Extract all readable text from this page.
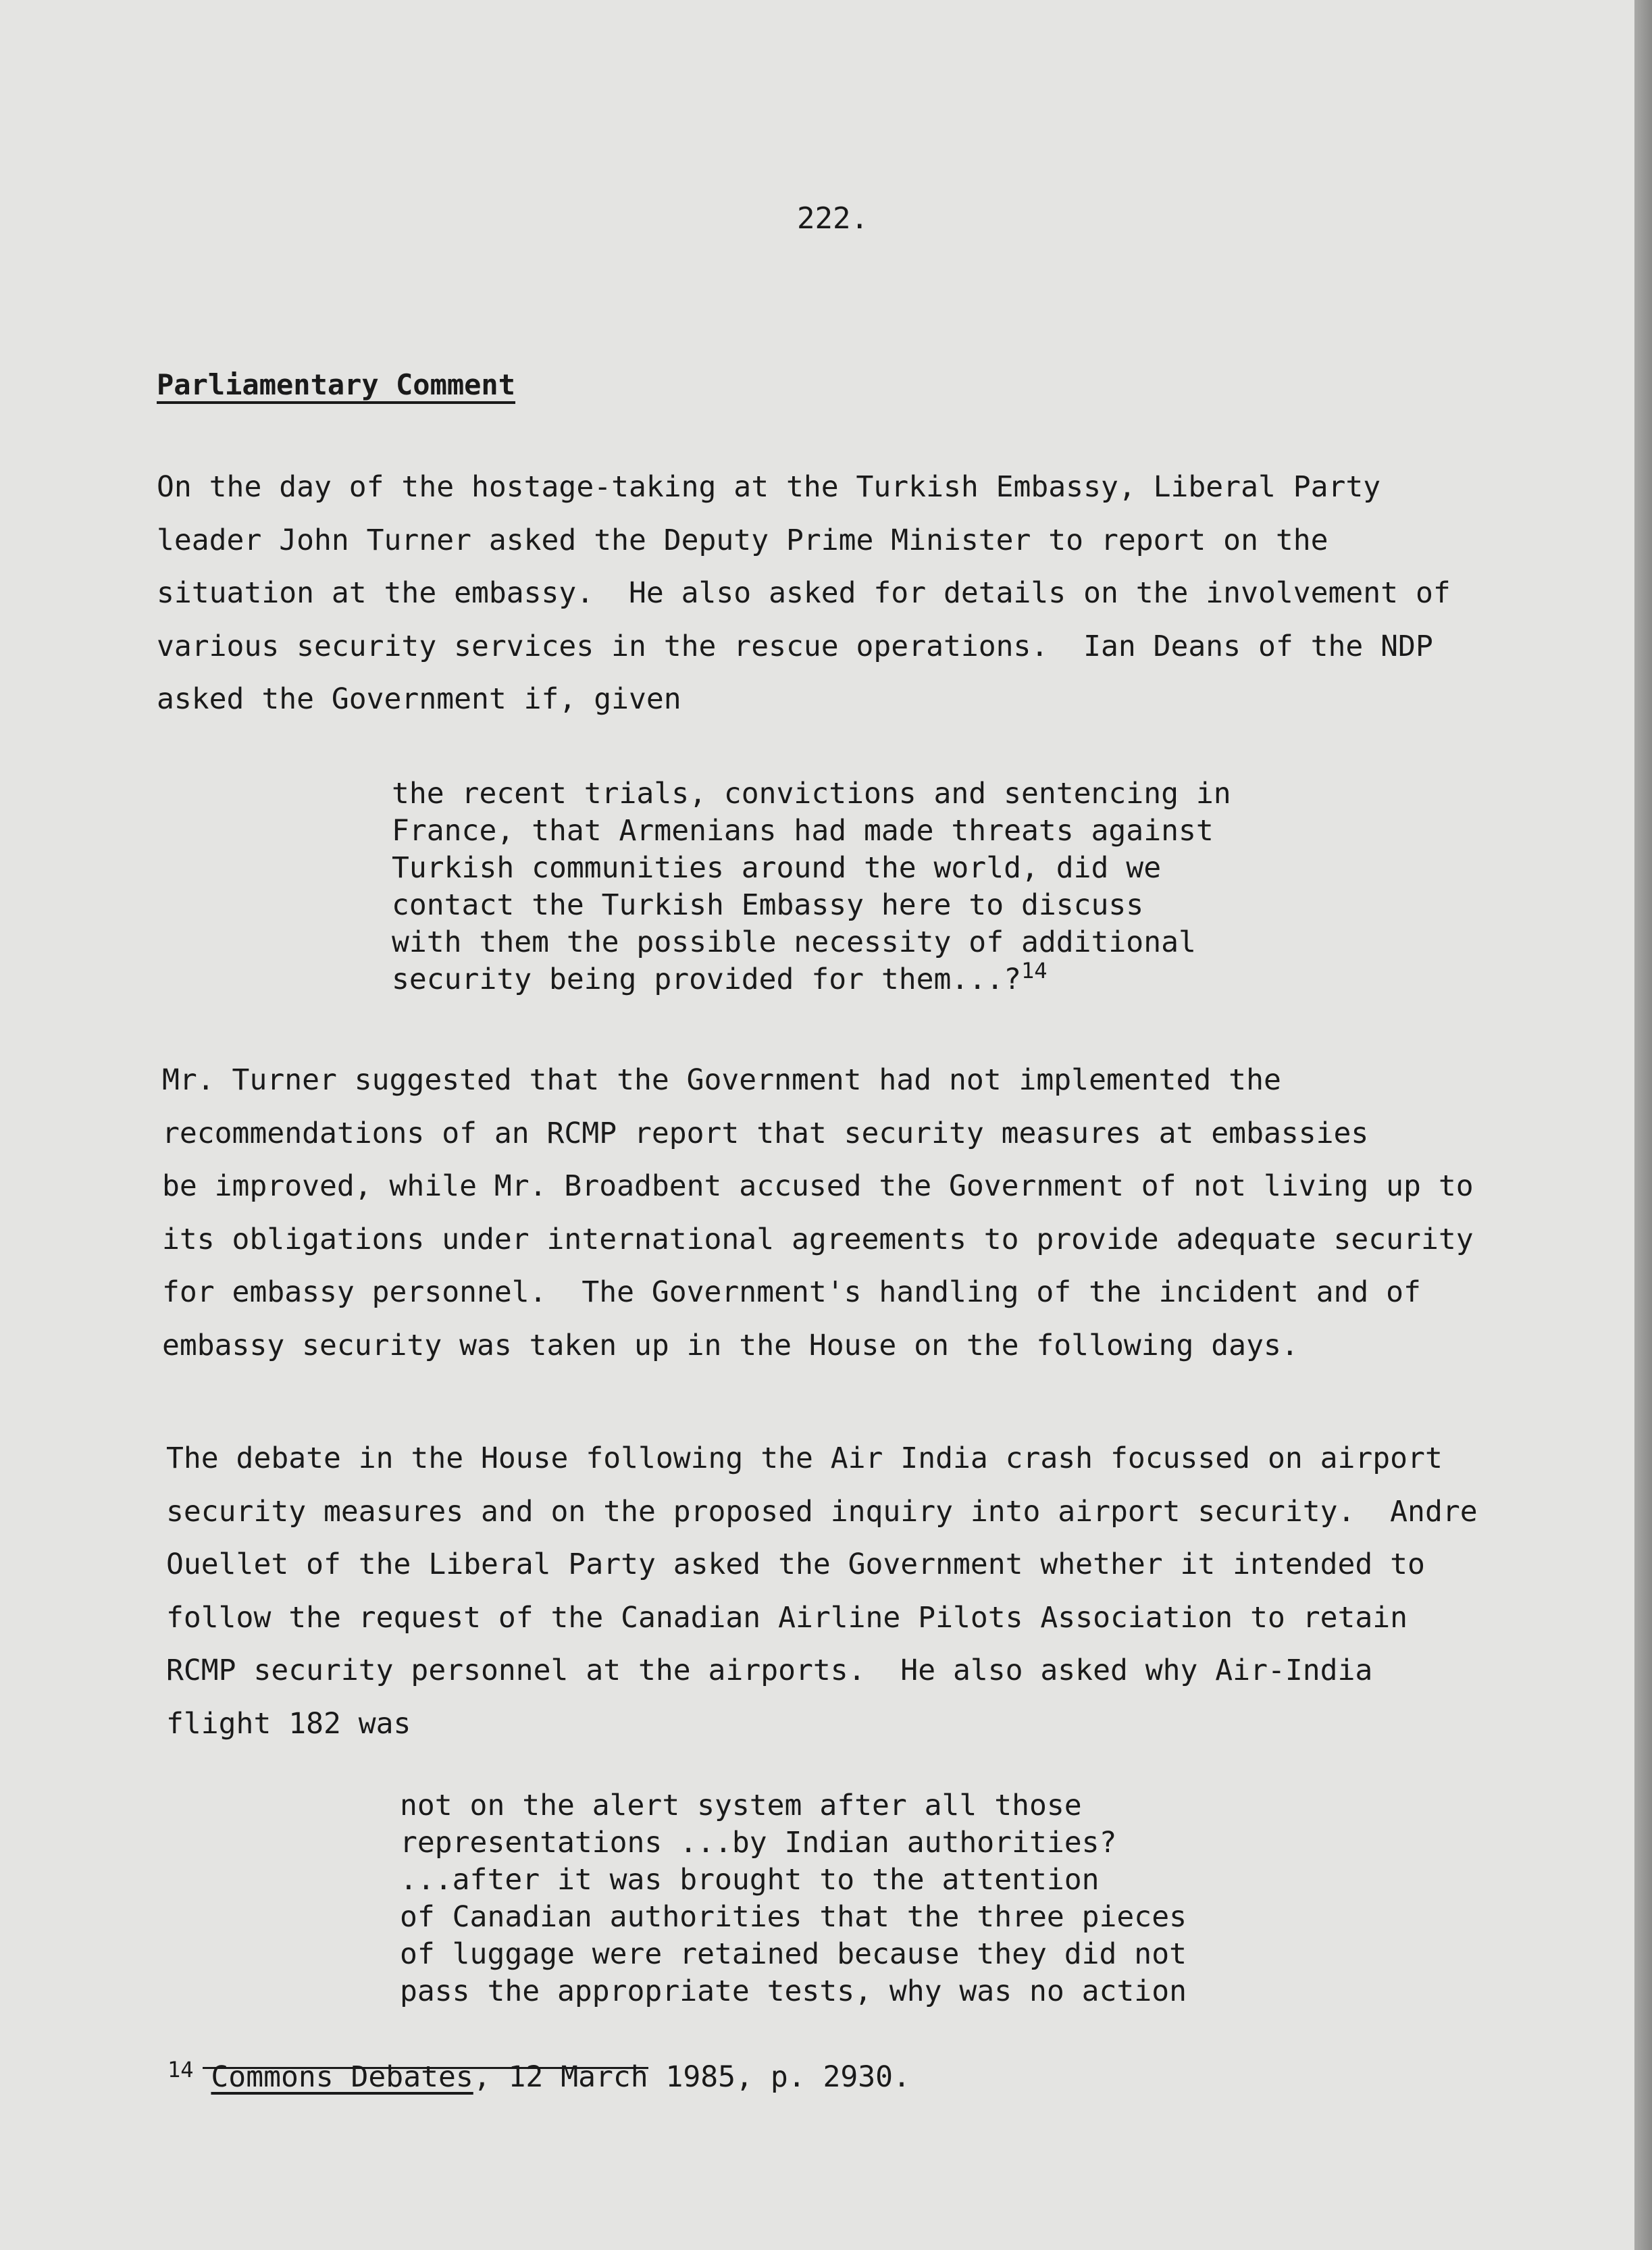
222.
Parliamentary Comment
On the day of the hostage-taking at the Turkish Embassy, Liberal Party
leader John Turner asked the Deputy Prime Minister to report on the
situation at the embassy.  He also asked for details on the involvement of
various security services in the rescue operations.  Ian Deans of the NDP
asked the Government if, given
the recent trials, convictions and sentencing in
France, that Armenians had made threats against
Turkish communities around the world, did we
contact the Turkish Embassy here to discuss
with them the possible necessity of additional
security being provided for them...?$^{14}$
Mr. Turner suggested that the Government had not implemented the
recommendations of an RCMP report that security measures at embassies
be improved, while Mr. Broadbent accused the Government of not living up to
its obligations under international agreements to provide adequate security
for embassy personnel.  The Government's handling of the incident and of
embassy security was taken up in the House on the following days.
The debate in the House following the Air India crash focussed on airport
security measures and on the proposed inquiry into airport security.  Andre
Ouellet of the Liberal Party asked the Government whether it intended to
follow the request of the Canadian Airline Pilots Association to retain
RCMP security personnel at the airports.  He also asked why Air-India
flight 182 was
not on the alert system after all those
representations ...by Indian authorities?
...after it was brought to the attention
of Canadian authorities that the three pieces
of luggage were retained because they did not
pass the appropriate tests, why was no action
$^{14}$ Commons Debates, 12 March 1985, p. 2930.
